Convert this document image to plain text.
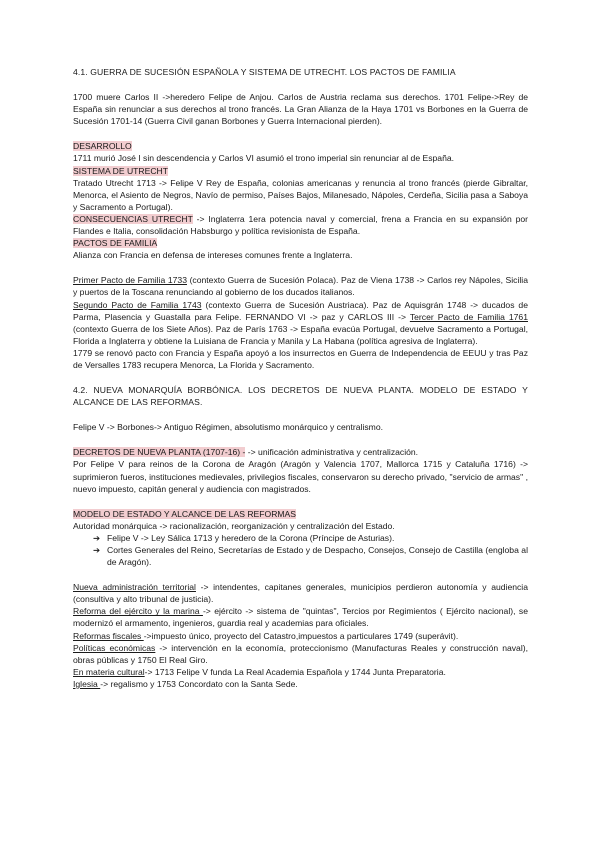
4.1. GUERRA DE SUCESIÓN ESPAÑOLA Y SISTEMA DE UTRECHT. LOS PACTOS DE FAMILIA

1700 muere Carlos II ->heredero Felipe de Anjou. Carlos de Austria reclama sus derechos. 1701 Felipe->Rey de España sin renunciar a sus derechos al trono francés. La Gran Alianza de la Haya 1701 vs Borbones en la Guerra de Sucesión 1701-14 (Guerra Civil ganan Borbones y Guerra Internacional pierden).

DESARROLLO

1711 murió José I sin descendencia y Carlos VI asumió el trono imperial sin renunciar al de España.

SISTEMA DE UTRECHT

Tratado Utrecht 1713 -> Felipe V Rey de España, colonias americanas y renuncia al trono francés (pierde Gibraltar, Menorca, el Asiento de Negros, Navío de permiso, Países Bajos, Milanesado, Nápoles, Cerdeña, Sicilia pasa a Saboya y Sacramento a Portugal).

CONSECUENCIAS UTRECHT -> Inglaterra 1era potencia naval y comercial, frena a Francia en su expansión por Flandes e Italia, consolidación Habsburgo y política revisionista de España.

PACTOS DE FAMILIA

Alianza con Francia en defensa de intereses comunes frente a Inglaterra.

Primer Pacto de Familia 1733 (contexto Guerra de Sucesión Polaca). Paz de Viena 1738 -> Carlos rey Nápoles, Sicilia y puertos de la Toscana renunciando al gobierno de los ducados italianos.

Segundo Pacto de Familia 1743 (contexto Guerra de Sucesión Austriaca). Paz de Aquisgrán 1748 -> ducados de Parma, Plasencia y Guastalla para Felipe. FERNANDO VI -> paz y CARLOS III -> Tercer Pacto de Familia 1761 (contexto Guerra de los Siete Años). Paz de París 1763 -> España evacúa Portugal, devuelve Sacramento a Portugal, Florida a Inglaterra y obtiene la Luisiana de Francia y Manila y La Habana (política agresiva de Inglaterra).

1779 se renovó pacto con Francia y España apoyó a los insurrectos en Guerra de Independencia de EEUU y tras Paz de Versalles 1783 recupera Menorca, La Florida y Sacramento.

4.2. NUEVA MONARQUÍA BORBÓNICA. LOS DECRETOS DE NUEVA PLANTA. MODELO DE ESTADO Y ALCANCE DE LAS REFORMAS.

Felipe V -> Borbones-> Antiguo Régimen, absolutismo monárquico y centralismo.

DECRETOS DE NUEVA PLANTA (1707-16) - -> unificación administrativa y centralización.

Por Felipe V para reinos de la Corona de Aragón (Aragón y Valencia 1707, Mallorca 1715 y Cataluña 1716) -> suprimieron fueros, instituciones medievales, privilegios fiscales, conservaron su derecho privado, "servicio de armas" , nuevo impuesto, capitán general y audiencia con magistrados.

MODELO DE ESTADO Y ALCANCE DE LAS REFORMAS

Autoridad monárquica -> racionalización, reorganización y centralización del Estado.

➔ Felipe V -> Ley Sálica 1713 y heredero de la Corona (Príncipe de Asturias).
➔ Cortes Generales del Reino, Secretarías de Estado y de Despacho, Consejos, Consejo de Castilla (engloba al de Aragón).

Nueva administración territorial -> intendentes, capitanes generales, municipios perdieron autonomía y audiencia (consultiva y alto tribunal de justicia).

Reforma del ejército y la marina -> ejército -> sistema de "quintas", Tercios por Regimientos ( Ejército nacional), se modernizó el armamento, ingenieros, guardia real y academias para oficiales.

Reformas fiscales ->impuesto único, proyecto del Catastro,impuestos a particulares 1749 (superávit).

Políticas económicas -> intervención en la economía, proteccionismo (Manufacturas Reales y construcción naval), obras públicas y 1750 El Real Giro.

En materia cultural-> 1713 Felipe V funda La Real Academia Española y 1744 Junta Preparatoria.

Iglesia -> regalismo y 1753 Concordato con la Santa Sede.
